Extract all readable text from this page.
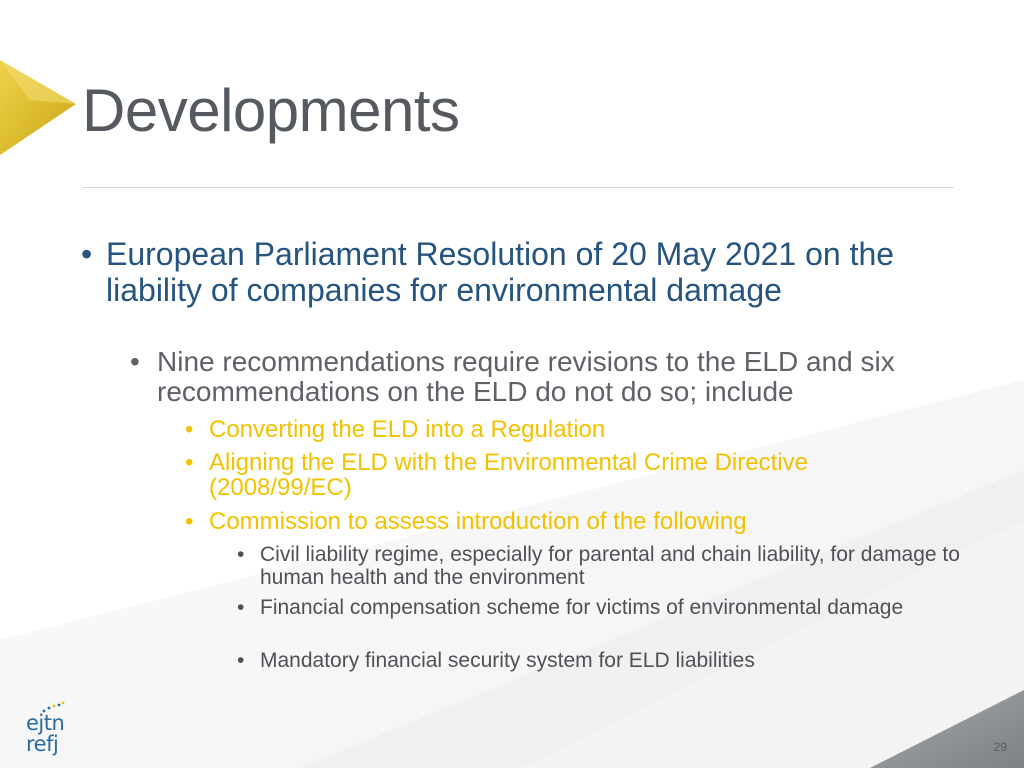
Developments

• European Parliament Resolution of 20 May 2021 on the liability of companies for environmental damage

• Nine recommendations require revisions to the ELD and six recommendations on the ELD do not do so; include

• Converting the ELD into a Regulation

• Aligning the ELD with the Environmental Crime Directive (2008/99/EC)

• Commission to assess introduction of the following

• Civil liability regime, especially for parental and chain liability, for damage to human health and the environment

• Financial compensation scheme for victims of environmental damage

• Mandatory financial security system for ELD liabilities

ejtn
refj	29
